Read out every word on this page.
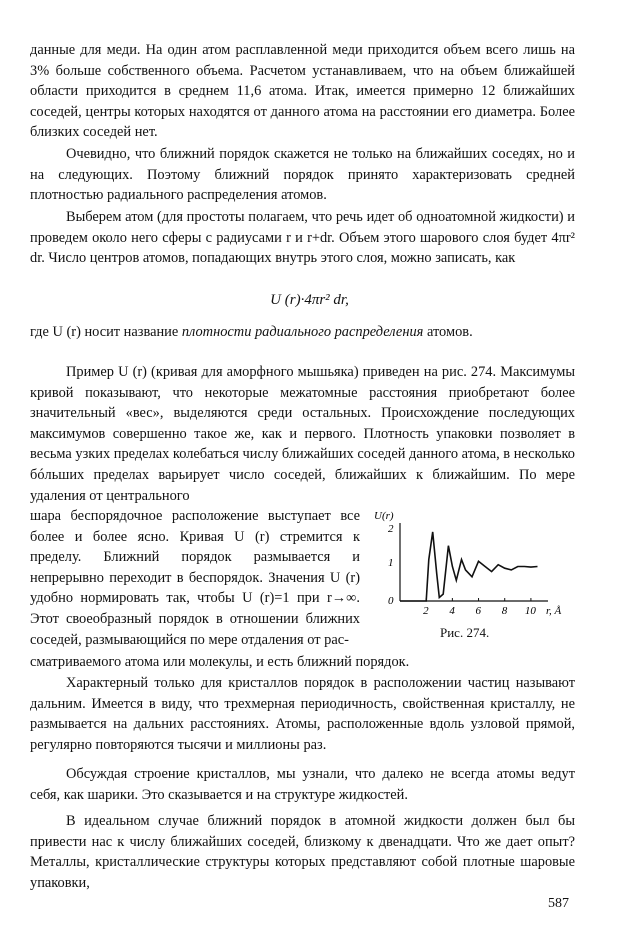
данные для меди. На один атом расплавленной меди приходится объем всего лишь на 3% больше собственного объема. Расчетом устанавливаем, что на объем ближайшей области приходится в среднем 11,6 атома. Итак, имеется примерно 12 ближайших соседей, центры которых находятся от данного атома на расстоянии его диаметра. Более близких соседей нет.

Очевидно, что ближний порядок скажется не только на ближайших соседях, но и на следующих. Поэтому ближний порядок принято характеризовать средней плотностью радиального распределения атомов.

Выберем атом (для простоты полагаем, что речь идет об одноатомной жидкости) и проведем около него сферы с радиусами r и r+dr. Объем этого шарового слоя будет 4πr² dr. Число центров атомов, попадающих внутрь этого слоя, можно записать, как

U (r)·4πr² dr,

где U (r) носит название плотности радиального распределения атомов.

Пример U (r) (кривая для аморфного мышьяка) приведен на рис. 274. Максимумы кривой показывают, что некоторые межатомные расстояния приобретают более значительный «вес», выделяются среди остальных. Происхождение последующих максимумов совершенно такое же, как и первого. Плотность упаковки позволяет в весьма узких пределах колебаться числу ближайших соседей данного атома, в несколько бóльших пределах варьирует число соседей, ближайших к ближайшим. По мере удаления от центрального

шара беспорядочное расположение выступает все более и более ясно. Кривая U (r) стремится к пределу. Ближний порядок размывается и непрерывно переходит в беспорядок. Значения U (r) удобно нормировать так, чтобы U (r)=1 при r→∞. Этот своеобразный порядок в отношении ближних соседей, размывающийся по мере отдаления от рас-

сматриваемого атома или молекулы, и есть ближний порядок.

Характерный только для кристаллов порядок в расположении частиц называют дальним. Имеется в виду, что трехмерная периодичность, свойственная кристаллу, не размывается на дальних расстояниях. Атомы, расположенные вдоль узловой прямой, регулярно повторяются тысячи и миллионы раз.

Обсуждая строение кристаллов, мы узнали, что далеко не всегда атомы ведут себя, как шарики. Это сказывается и на структуре жидкостей.

В идеальном случае ближний порядок в атомной жидкости должен был бы привести нас к числу ближайших соседей, близкому к двенадцати. Что же дает опыт? Металлы, кристаллические структуры которых представляют собой плотные шаровые упаковки,

U(r)
2
1
0
2 4 6 8 10 r, Å
Рис. 274.
587
